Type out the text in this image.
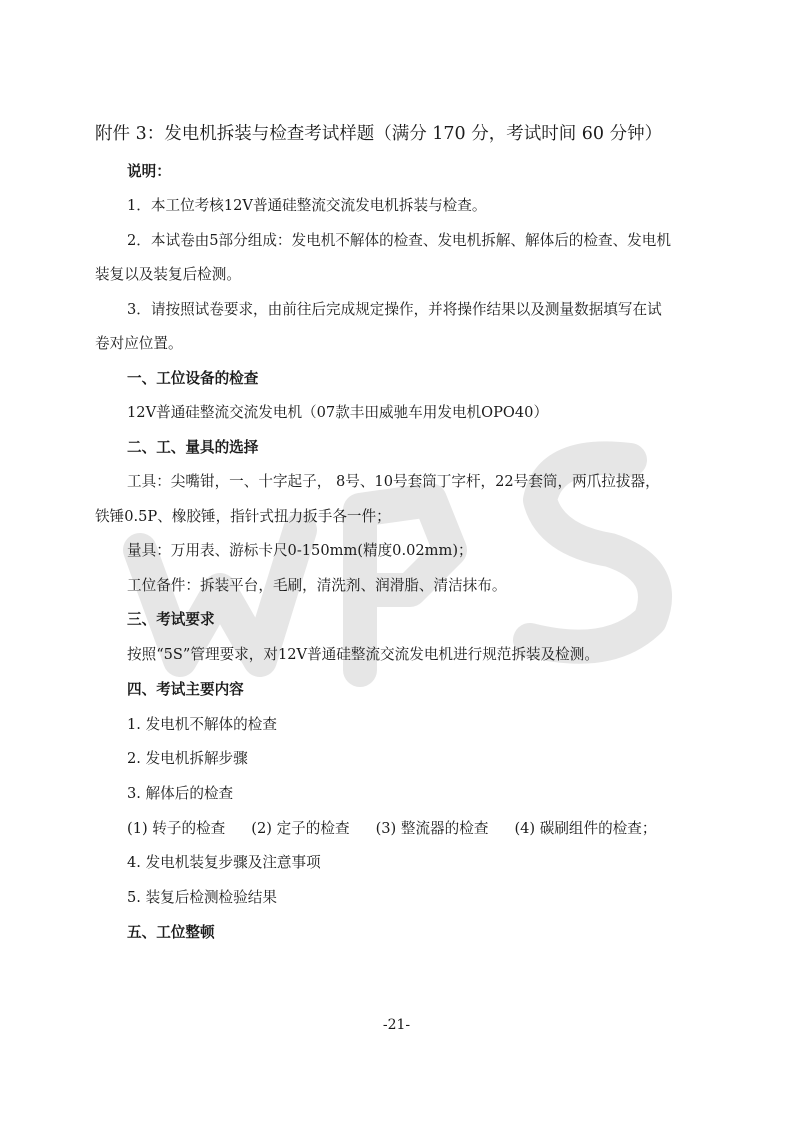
附件 3：发电机拆装与检查考试样题（满分 170 分，考试时间 60 分钟）
说明：
1．本工位考核12V普通硅整流交流发电机拆装与检查。
2．本试卷由5部分组成：发电机不解体的检查、发电机拆解、解体后的检查、发电机
装复以及装复后检测。
3．请按照试卷要求，由前往后完成规定操作，并将操作结果以及测量数据填写在试
卷对应位置。
一、工位设备的检查
12V普通硅整流交流发电机（07款丰田威驰车用发电机OPO40）
二、工、量具的选择
工具：尖嘴钳，一、十字起子， 8号、10号套筒丁字杆，22号套筒，两爪拉拔器，
铁锤0.5P、橡胶锤，指针式扭力扳手各一件；
量具：万用表、游标卡尺0-150mm(精度0.02mm)；
工位备件：拆装平台，毛刷，清洗剂、润滑脂、清洁抹布。
三、考试要求
按照“5S”管理要求，对12V普通硅整流交流发电机进行规范拆装及检测。
四、考试主要内容
1. 发电机不解体的检查
2. 发电机拆解步骤
3. 解体后的检查
(1) 转子的检查 (2) 定子的检查 (3) 整流器的检查 (4) 碳刷组件的检查；
4. 发电机装复步骤及注意事项
5. 装复后检测检验结果
五、工位整顿
-21-
